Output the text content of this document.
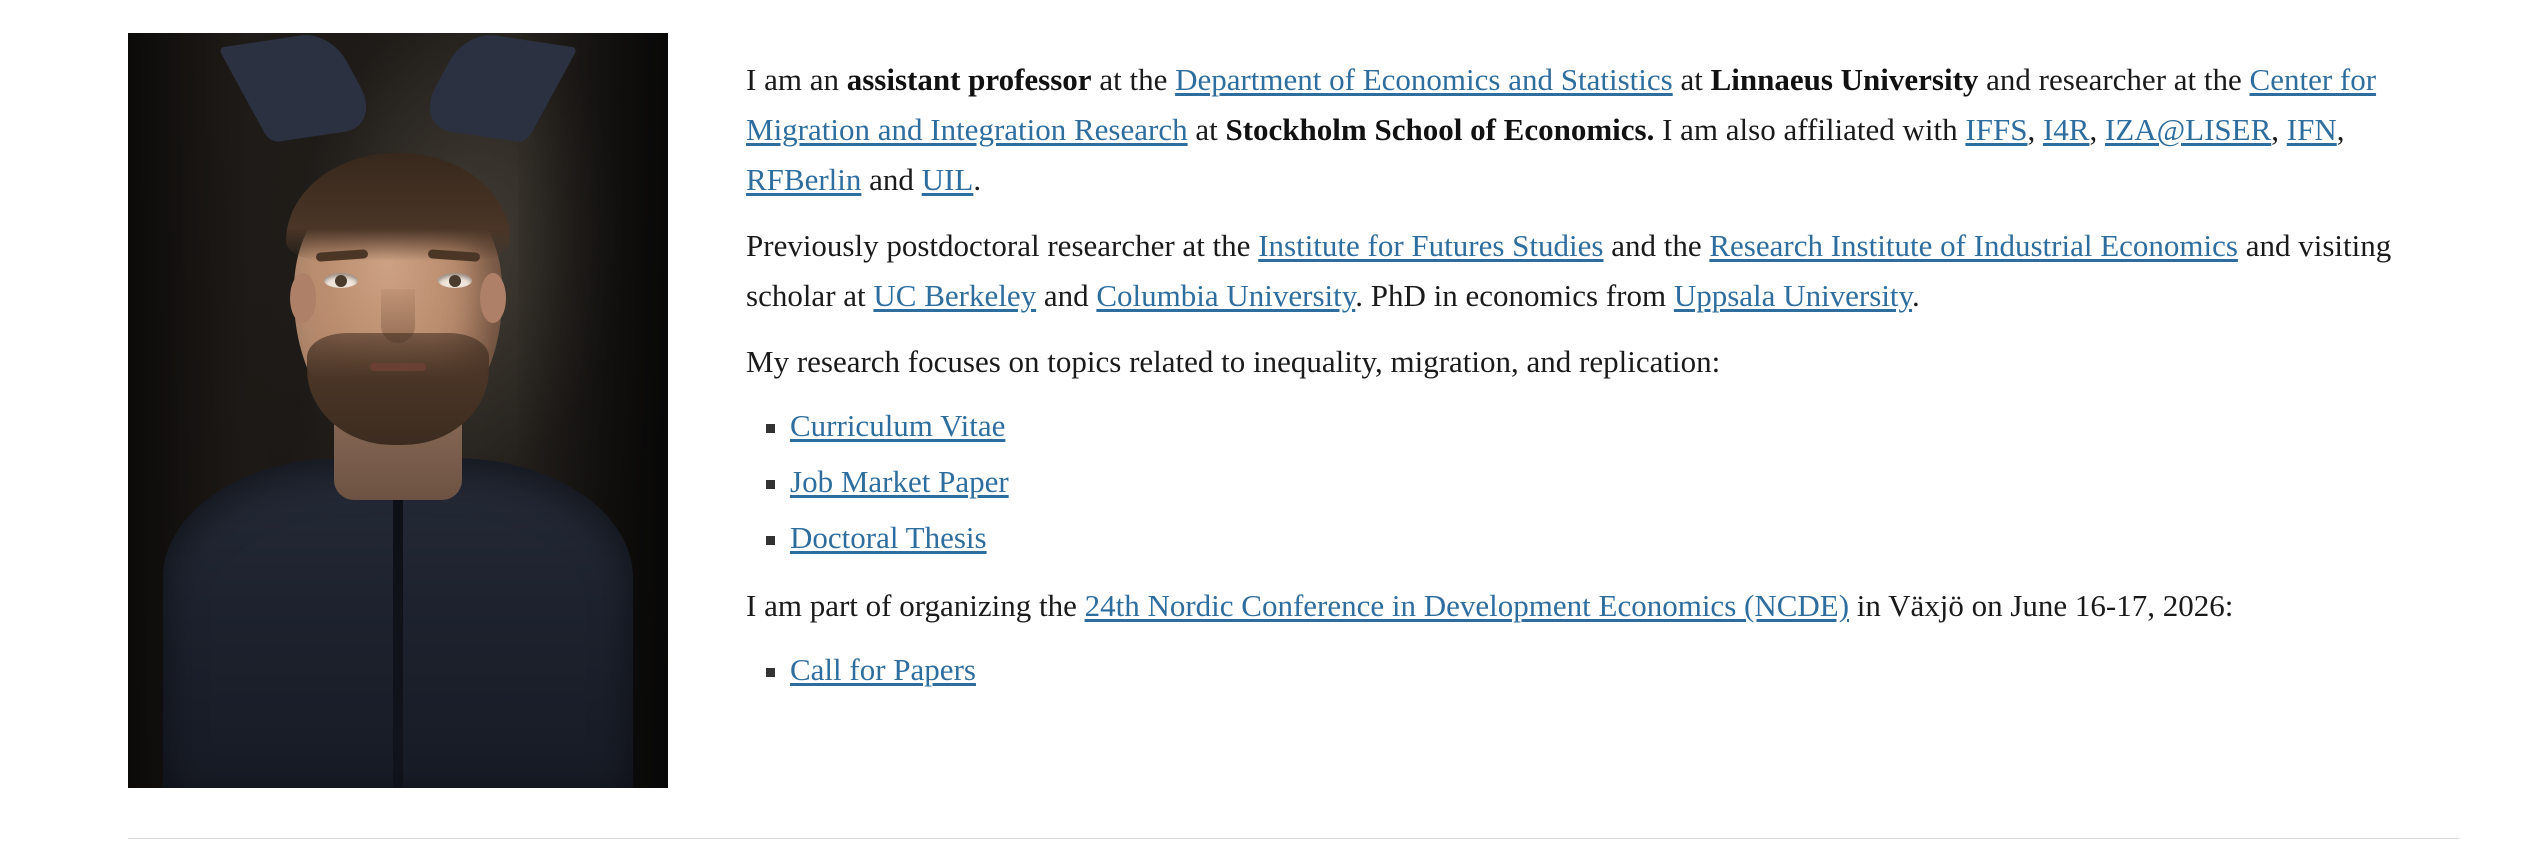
I am an assistant professor at the Department of Economics and Statistics at Linnaeus University and researcher at the Center for Migration and Integration Research at Stockholm School of Economics. I am also affiliated with IFFS, I4R, IZA@LISER, IFN, RFBerlin and UIL.

Previously postdoctoral researcher at the Institute for Futures Studies and the Research Institute of Industrial Economics and visiting scholar at UC Berkeley and Columbia University. PhD in economics from Uppsala University.

My research focuses on topics related to inequality, migration, and replication:

Curriculum Vitae
Job Market Paper
Doctoral Thesis

I am part of organizing the 24th Nordic Conference in Development Economics (NCDE) in Växjö on June 16-17, 2026:

Call for Papers
